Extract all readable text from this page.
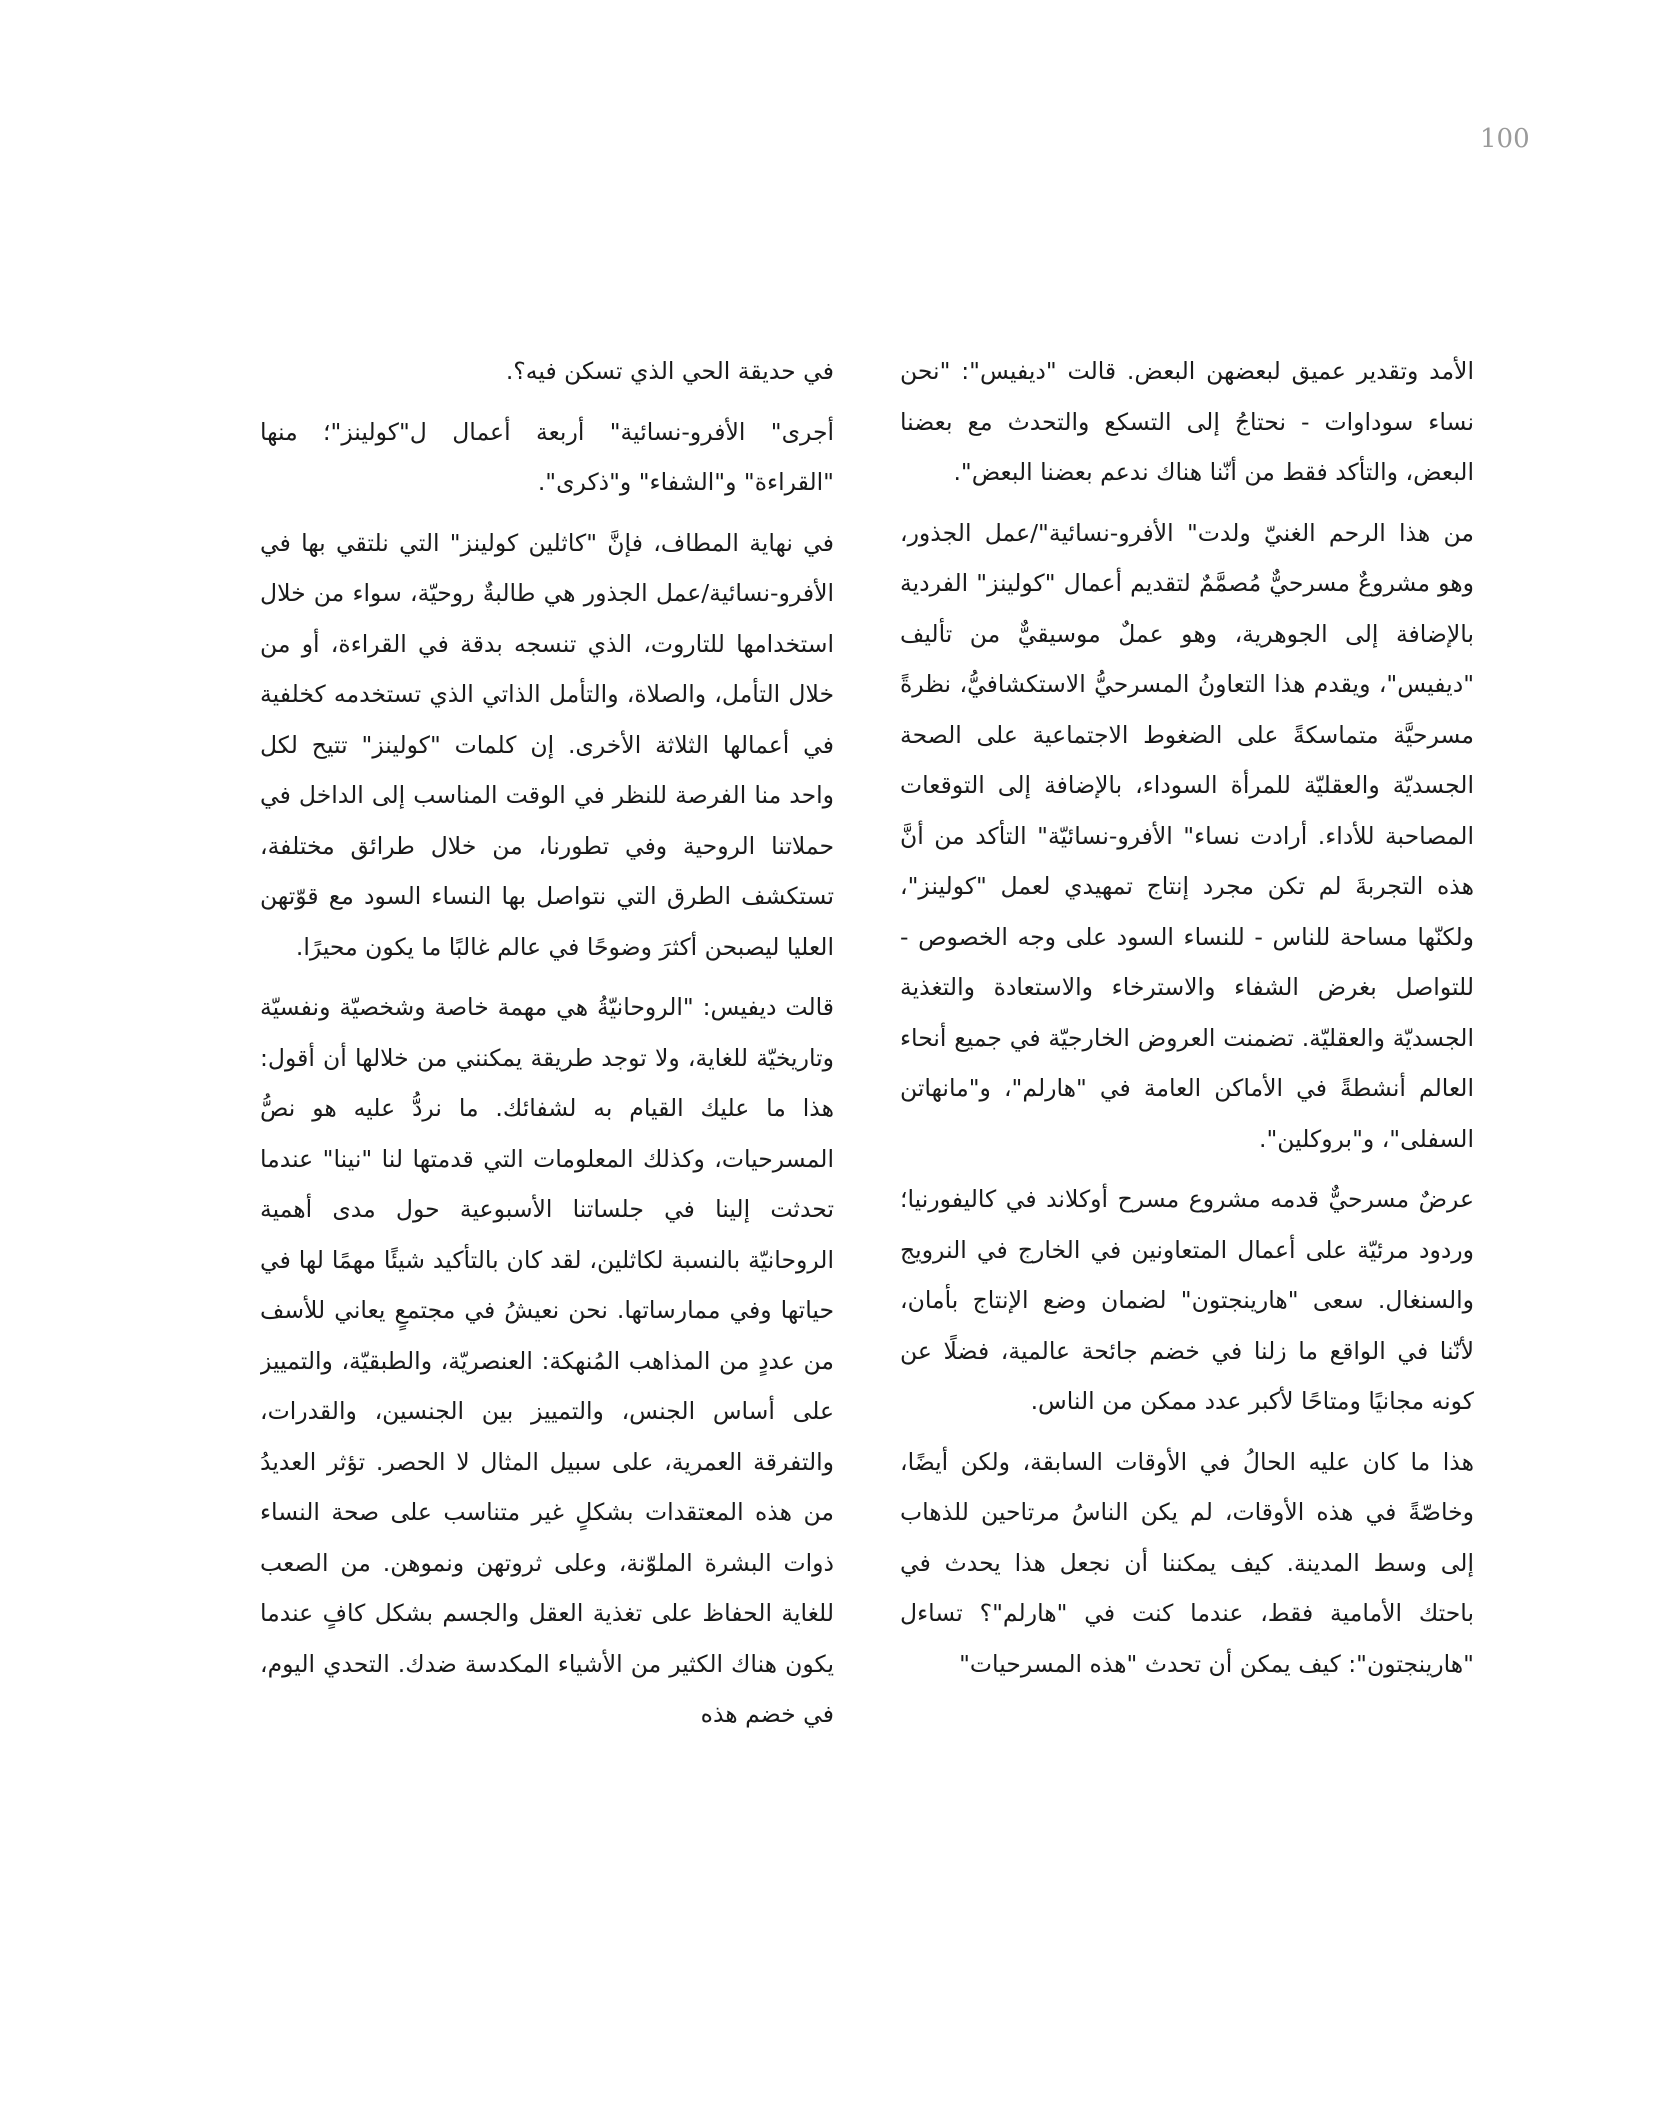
100

الأمد وتقدير عميق لبعضهن البعض. قالت "ديفيس": "نحن نساء سوداوات - نحتاجُ إلى التسكع والتحدث مع بعضنا البعض، والتأكد فقط من أنّنا هناك ندعم بعضنا البعض".

من هذا الرحم الغنيّ ولدت" الأفرو-نسائية"/عمل الجذور، وهو مشروعٌ مسرحيٌّ مُصمَّمٌ لتقديم أعمال "كولينز" الفردية بالإضافة إلى الجوهرية، وهو عملٌ موسيقيٌّ من تأليف "ديفيس"، ويقدم هذا التعاونُ المسرحيُّ الاستكشافيُّ، نظرةً مسرحيَّة متماسكةً على الضغوط الاجتماعية على الصحة الجسديّة والعقليّة للمرأة السوداء، بالإضافة إلى التوقعات المصاحبة للأداء. أرادت نساء" الأفرو-نسائيّة" التأكد من أنَّ هذه التجربةَ لم تكن مجرد إنتاج تمهيدي لعمل "كولينز"، ولكنّها مساحة للناس - للنساء السود على وجه الخصوص - للتواصل بغرض الشفاء والاسترخاء والاستعادة والتغذية الجسديّة والعقليّة. تضمنت العروض الخارجيّة في جميع أنحاء العالم أنشطةً في الأماكن العامة في "هارلم"، و"مانهاتن السفلى"، و"بروكلين".

عرضٌ مسرحيٌّ قدمه مشروع مسرح أوكلاند في كاليفورنيا؛ وردود مرئيّة على أعمال المتعاونين في الخارج في النرويج والسنغال. سعى "هارينجتون" لضمان وضع الإنتاج بأمان، لأنّنا في الواقع ما زلنا في خضم جائحة عالمية، فضلًا عن كونه مجانيًا ومتاحًا لأكبر عدد ممكن من الناس.

هذا ما كان عليه الحالُ في الأوقات السابقة، ولكن أيضًا، وخاصّةً في هذه الأوقات، لم يكن الناسُ مرتاحين للذهاب إلى وسط المدينة. كيف يمكننا أن نجعل هذا يحدث في باحتك الأمامية فقط، عندما كنت في "هارلم"؟ تساءل "هارينجتون": كيف يمكن أن تحدث "هذه المسرحيات"

في حديقة الحي الذي تسكن فيه؟.

أجرى" الأفرو-نسائية" أربعة أعمال ل"كولينز"؛ منها "القراءة" و"الشفاء" و"ذكرى".

في نهاية المطاف، فإنَّ "كاثلين كولينز" التي نلتقي بها في الأفرو-نسائية/عمل الجذور هي طالبةٌ روحيّة، سواء من خلال استخدامها للتاروت، الذي تنسجه بدقة في القراءة، أو من خلال التأمل، والصلاة، والتأمل الذاتي الذي تستخدمه كخلفية في أعمالها الثلاثة الأخرى. إن كلمات "كولينز" تتيح لكل واحد منا الفرصة للنظر في الوقت المناسب إلى الداخل في حملاتنا الروحية وفي تطورنا، من خلال طرائق مختلفة، تستكشف الطرق التي نتواصل بها النساء السود مع قوّتهن العليا ليصبحن أكثرَ وضوحًا في عالم غالبًا ما يكون محيرًا.

قالت ديفيس: "الروحانيّةُ هي مهمة خاصة وشخصيّة ونفسيّة وتاريخيّة للغاية، ولا توجد طريقة يمكنني من خلالها أن أقول: هذا ما عليك القيام به لشفائك. ما نردُّ عليه هو نصُّ المسرحيات، وكذلك المعلومات التي قدمتها لنا "نينا" عندما تحدثت إلينا في جلساتنا الأسبوعية حول مدى أهمية الروحانيّة بالنسبة لكاثلين، لقد كان بالتأكيد شيئًا مهمًا لها في حياتها وفي ممارساتها. نحن نعيشُ في مجتمعٍ يعاني للأسف من عددٍ من المذاهب المُنهكة: العنصريّة، والطبقيّة، والتمييز على أساس الجنس، والتمييز بين الجنسين، والقدرات، والتفرقة العمرية، على سبيل المثال لا الحصر. تؤثر العديدُ من هذه المعتقدات بشكلٍ غير متناسب على صحة النساء ذوات البشرة الملوّنة، وعلى ثروتهن ونموهن. من الصعب للغاية الحفاظ على تغذية العقل والجسم بشكل كافٍ عندما يكون هناك الكثير من الأشياء المكدسة ضدك. التحدي اليوم، في خضم هذه
